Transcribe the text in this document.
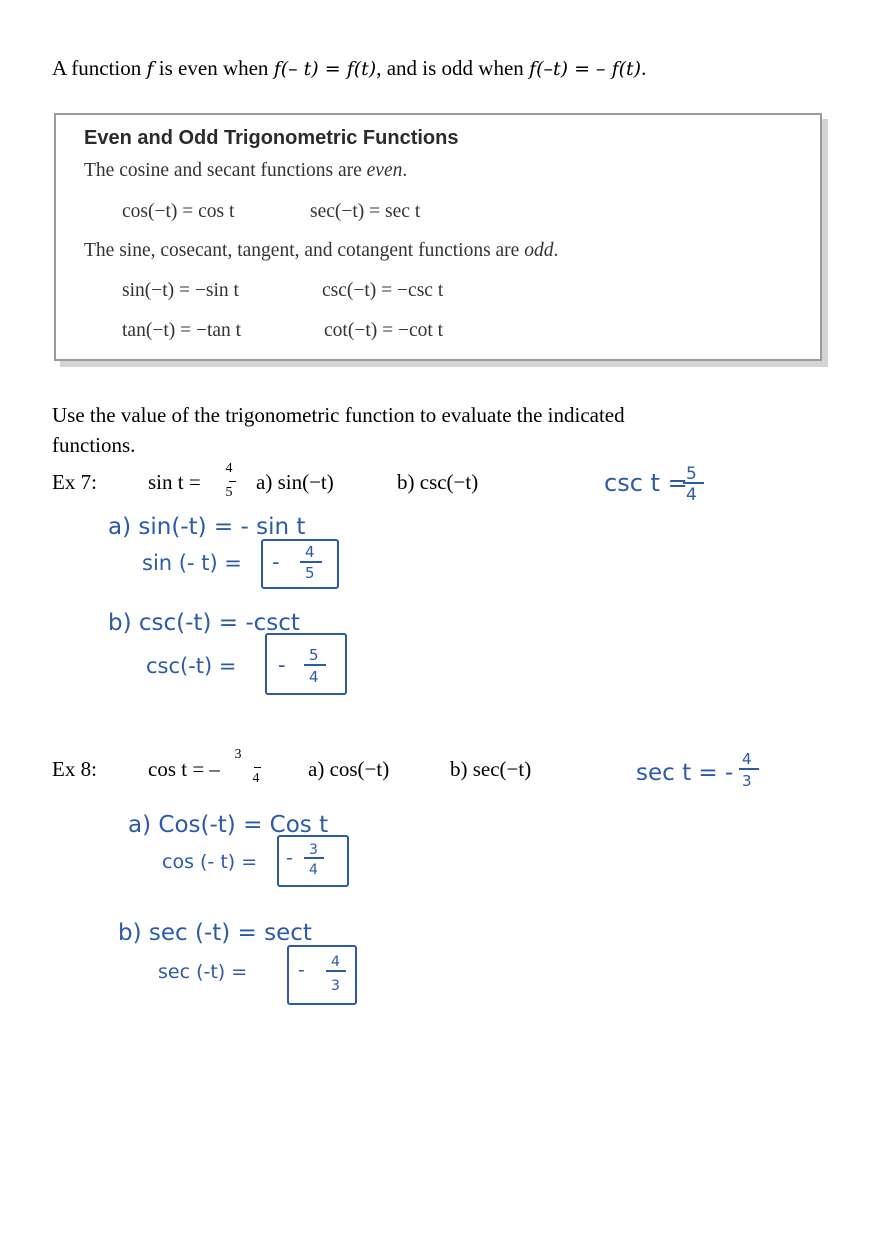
A function f is even when f(– t) = f(t), and is odd when f(–t) = – f(t).
Even and Odd Trigonometric Functions
The cosine and secant functions are even.
cos(−t) = cos t	sec(−t) = sec t
The sine, cosecant, tangent, and cotangent functions are odd.
sin(−t) = −sin t	csc(−t) = −csc t
tan(−t) = −tan t	cot(−t) = −cot t
Use the value of the trigonometric function to evaluate the indicated
functions.
Ex 7: sin t =
4
5 a) sin(−t)	b) csc(−t)	csc t =
5
4
a) sin(-t) = - sin t
sin (- t) = - 4
5
b) csc(-t) = -csct
csc(-t) = - 5
4
sec t = -
4
3
a) Cos(-t) = Cos t
cos (- t) = - 3
4
b) sec (-t) = sect
sec (-t) =	- 4
3
Ex 8: cos t = –
3
4 a) cos(−t)	b) sec(−t)
